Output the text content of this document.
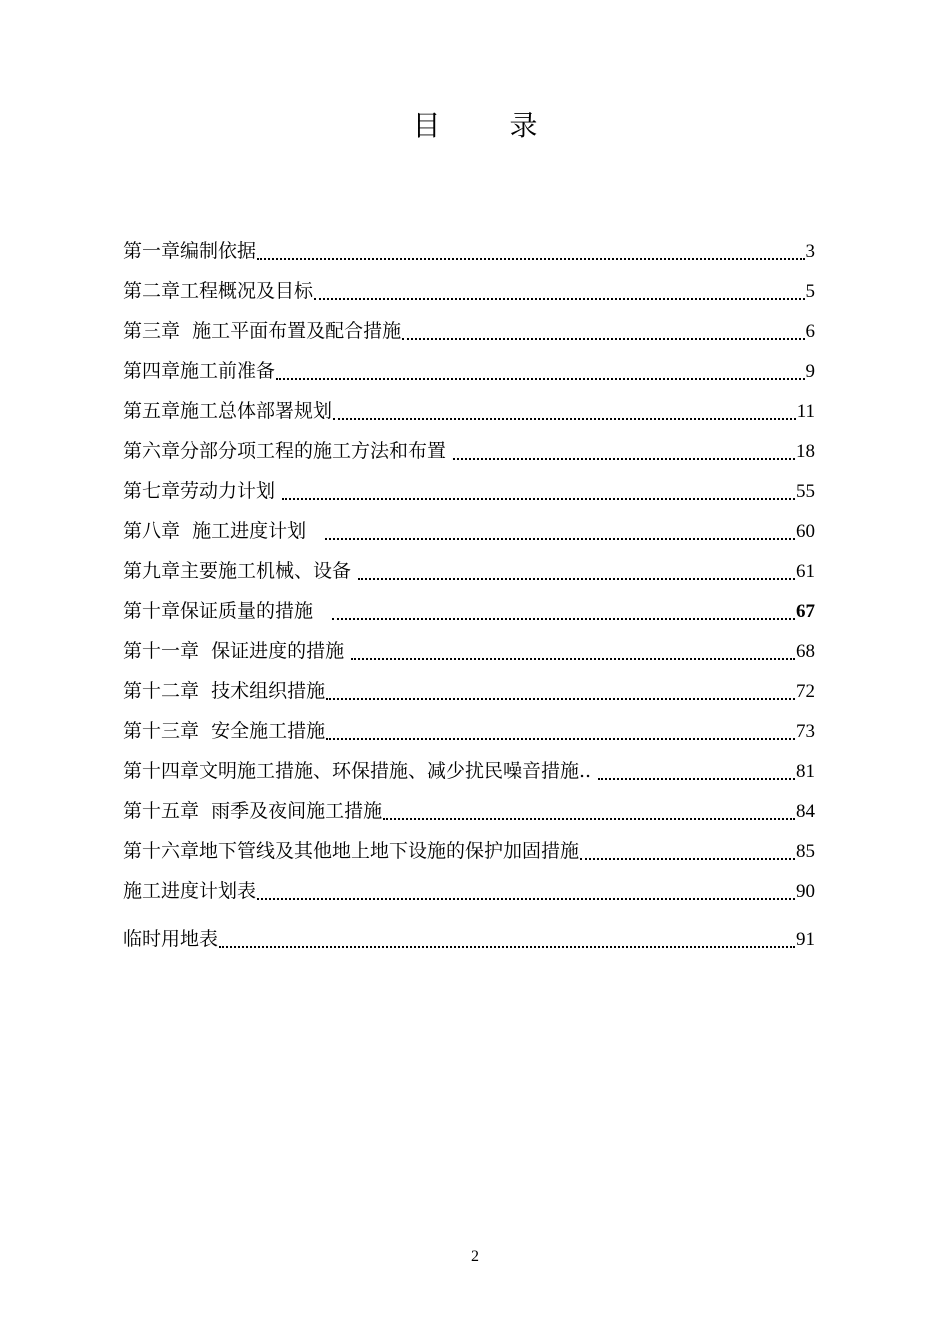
目 录
第一章编制依据	3
第二章工程概况及目标	5
第三章  施工平面布置及配合措施	6
第四章施工前准备	9
第五章施工总体部署规划	11
第六章分部分项工程的施工方法和布置	18
第七章劳动力计划	55
第八章  施工进度计划	60
第九章主要施工机械、设备	61
第十章保证质量的措施	67
第十一章  保证进度的措施	68
第十二章  技术组织措施	72
第十三章  安全施工措施	73
第十四章文明施工措施、环保措施、减少扰民噪音措施..	81
第十五章  雨季及夜间施工措施	84
第十六章地下管线及其他地上地下设施的保护加固措施	85
施工进度计划表	90
临时用地表	91
2
